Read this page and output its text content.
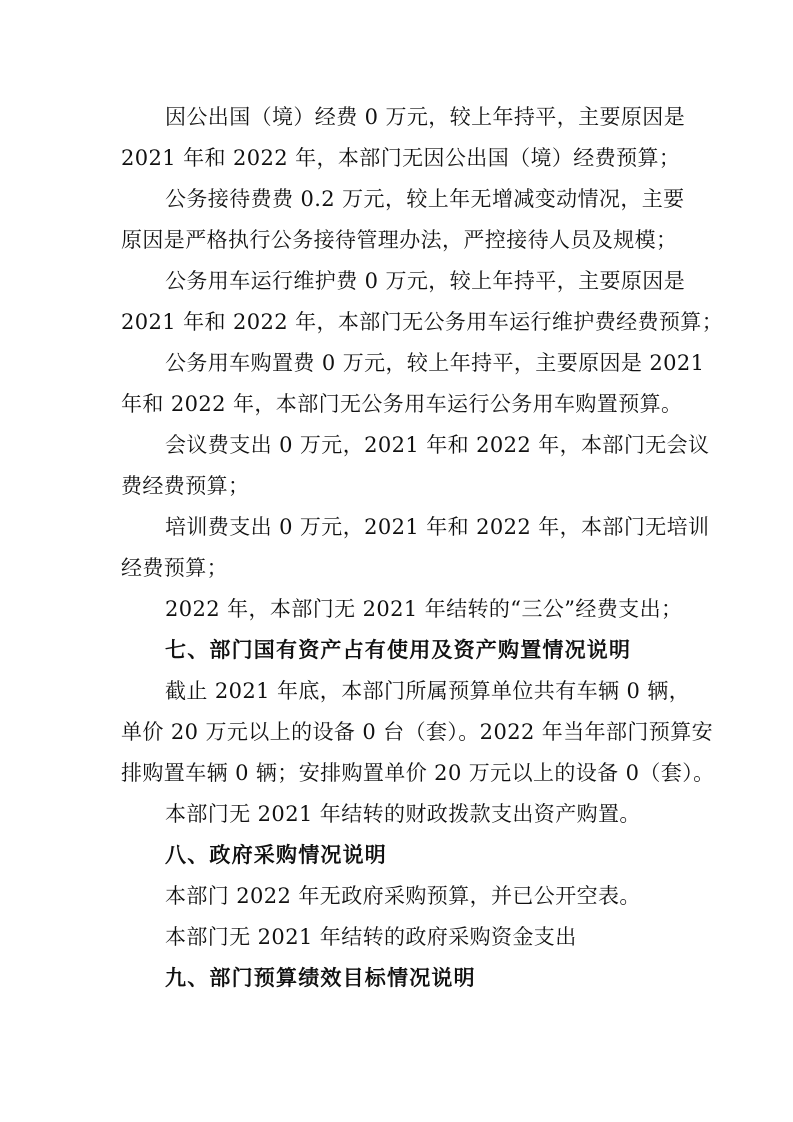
因公出国（境）经费 0 万元，较上年持平，主要原因是
2021 年和 2022 年，本部门无因公出国（境）经费预算；
公务接待费费 0.2 万元，较上年无增减变动情况，主要
原因是严格执行公务接待管理办法，严控接待人员及规模；
公务用车运行维护费 0 万元，较上年持平，主要原因是
2021 年和 2022 年，本部门无公务用车运行维护费经费预算；
公务用车购置费 0 万元，较上年持平，主要原因是 2021
年和 2022 年，本部门无公务用车运行公务用车购置预算。
会议费支出 0 万元，2021 年和 2022 年，本部门无会议
费经费预算；
培训费支出 0 万元，2021 年和 2022 年，本部门无培训
经费预算；
2022 年，本部门无 2021 年结转的“三公”经费支出；
七、部门国有资产占有使用及资产购置情况说明
截止 2021 年底，本部门所属预算单位共有车辆 0 辆，
单价 20 万元以上的设备 0 台（套）。2022 年当年部门预算安
排购置车辆 0 辆；安排购置单价 20 万元以上的设备 0（套）。
本部门无 2021 年结转的财政拨款支出资产购置。
八、政府采购情况说明
本部门 2022 年无政府采购预算，并已公开空表。
本部门无 2021 年结转的政府采购资金支出
九、部门预算绩效目标情况说明
